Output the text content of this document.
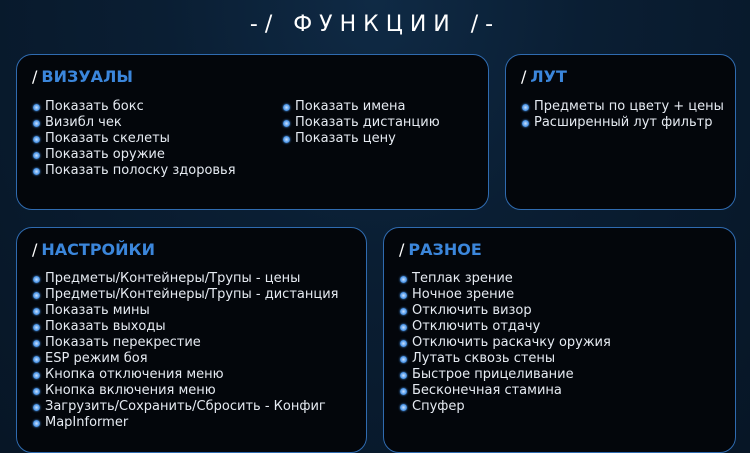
-/ ФУНКЦИИ /-
/ ВИЗУАЛЫ
Показать бокс
Визибл чек
Показать скелеты
Показать оружие
Показать полоску здоровья
Показать имена
Показать дистанцию
Показать цену
/ ЛУТ
Предметы по цвету + цены
Расширенный лут фильтр
/ НАСТРОЙКИ
Предметы/Контейнеры/Трупы - цены
Предметы/Контейнеры/Трупы - дистанция
Показать мины
Показать выходы
Показать перекрестие
ESP режим боя
Кнопка отключения меню
Кнопка включения меню
Загрузить/Сохранить/Сбросить - Конфиг
MapInformer
/ РАЗНОЕ
Теплак зрение
Ночное зрение
Отключить визор
Отключить отдачу
Отключить раскачку оружия
Лутать сквозь стены
Быстрое прицеливание
Бесконечная стамина
Спуфер
